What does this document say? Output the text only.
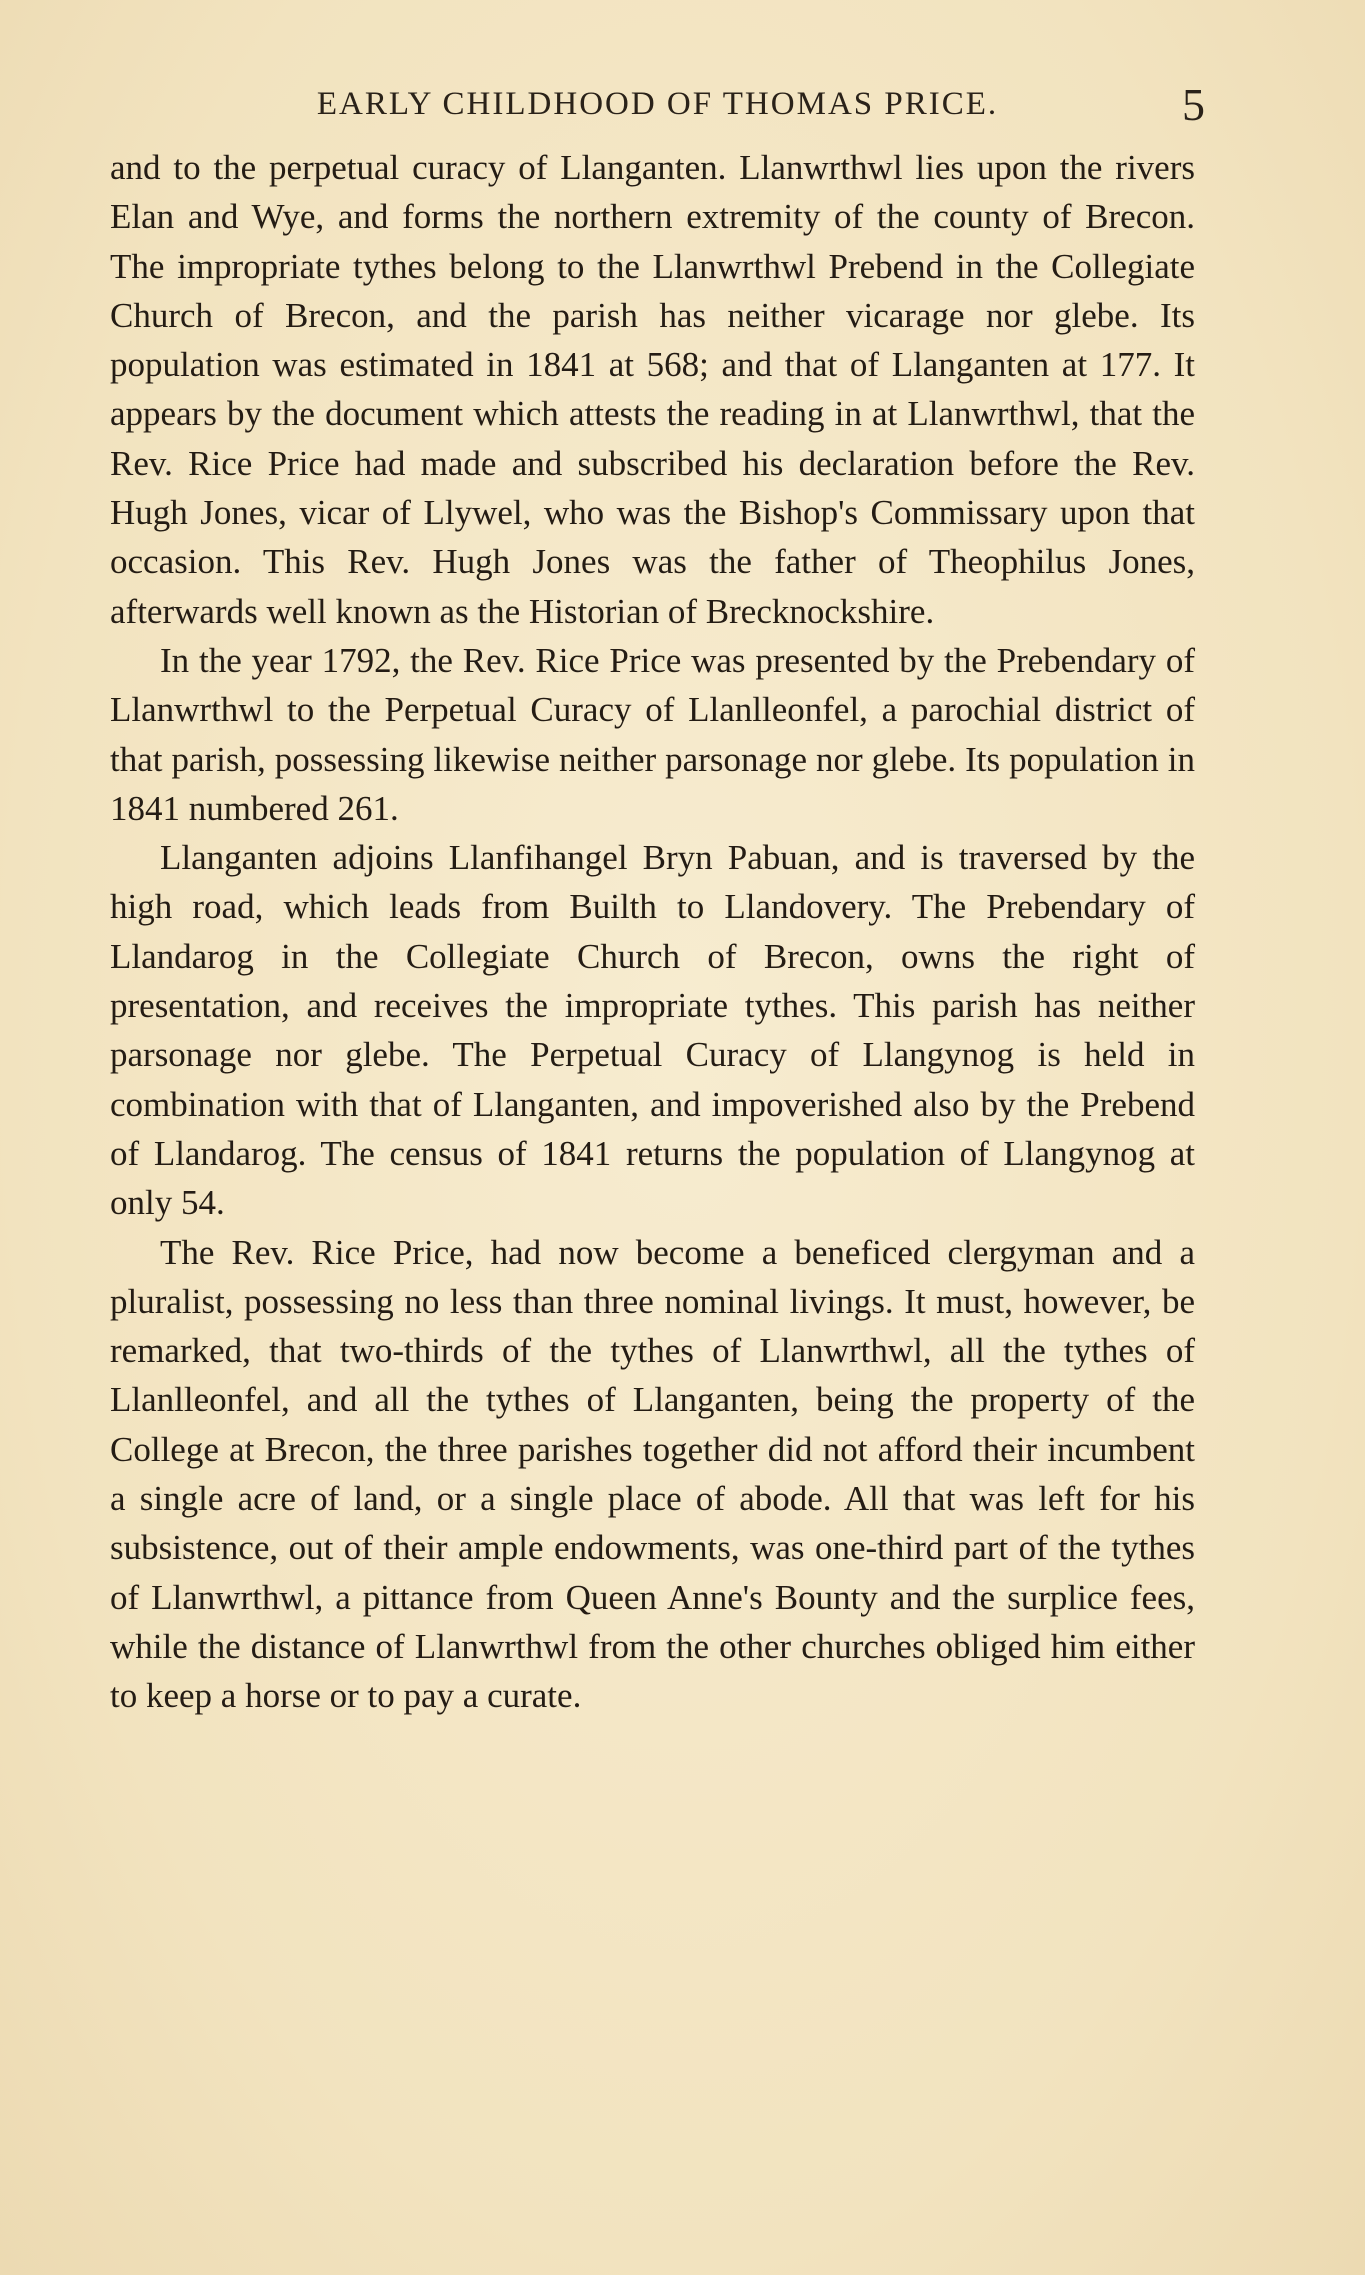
EARLY CHILDHOOD OF THOMAS PRICE.	5

and to the perpetual curacy of Llanganten. Llanwrthwl lies upon the rivers Elan and Wye, and forms the northern extremity of the county of Brecon. The impropriate tythes belong to the Llanwrthwl Prebend in the Collegiate Church of Brecon, and the parish has neither vicarage nor glebe. Its population was estimated in 1841 at 568; and that of Llanganten at 177. It appears by the document which attests the reading in at Llanwrthwl, that the Rev. Rice Price had made and subscribed his declaration before the Rev. Hugh Jones, vicar of Llywel, who was the Bishop's Commissary upon that occasion. This Rev. Hugh Jones was the father of Theophilus Jones, afterwards well known as the Historian of Brecknockshire.

In the year 1792, the Rev. Rice Price was presented by the Prebendary of Llanwrthwl to the Perpetual Curacy of Llanlleonfel, a parochial district of that parish, possessing likewise neither parsonage nor glebe. Its population in 1841 numbered 261.

Llanganten adjoins Llanfihangel Bryn Pabuan, and is traversed by the high road, which leads from Builth to Llandovery. The Prebendary of Llandarog in the Collegiate Church of Brecon, owns the right of presentation, and receives the impropriate tythes. This parish has neither parsonage nor glebe. The Perpetual Curacy of Llangynog is held in combination with that of Llanganten, and impoverished also by the Prebend of Llandarog. The census of 1841 returns the population of Llangynog at only 54.

The Rev. Rice Price, had now become a beneficed clergyman and a pluralist, possessing no less than three nominal livings. It must, however, be remarked, that two-thirds of the tythes of Llanwrthwl, all the tythes of Llanlleonfel, and all the tythes of Llanganten, being the property of the College at Brecon, the three parishes together did not afford their incumbent a single acre of land, or a single place of abode. All that was left for his subsistence, out of their ample endowments, was one-third part of the tythes of Llanwrthwl, a pittance from Queen Anne's Bounty and the surplice fees, while the distance of Llanwrthwl from the other churches obliged him either to keep a horse or to pay a curate.
